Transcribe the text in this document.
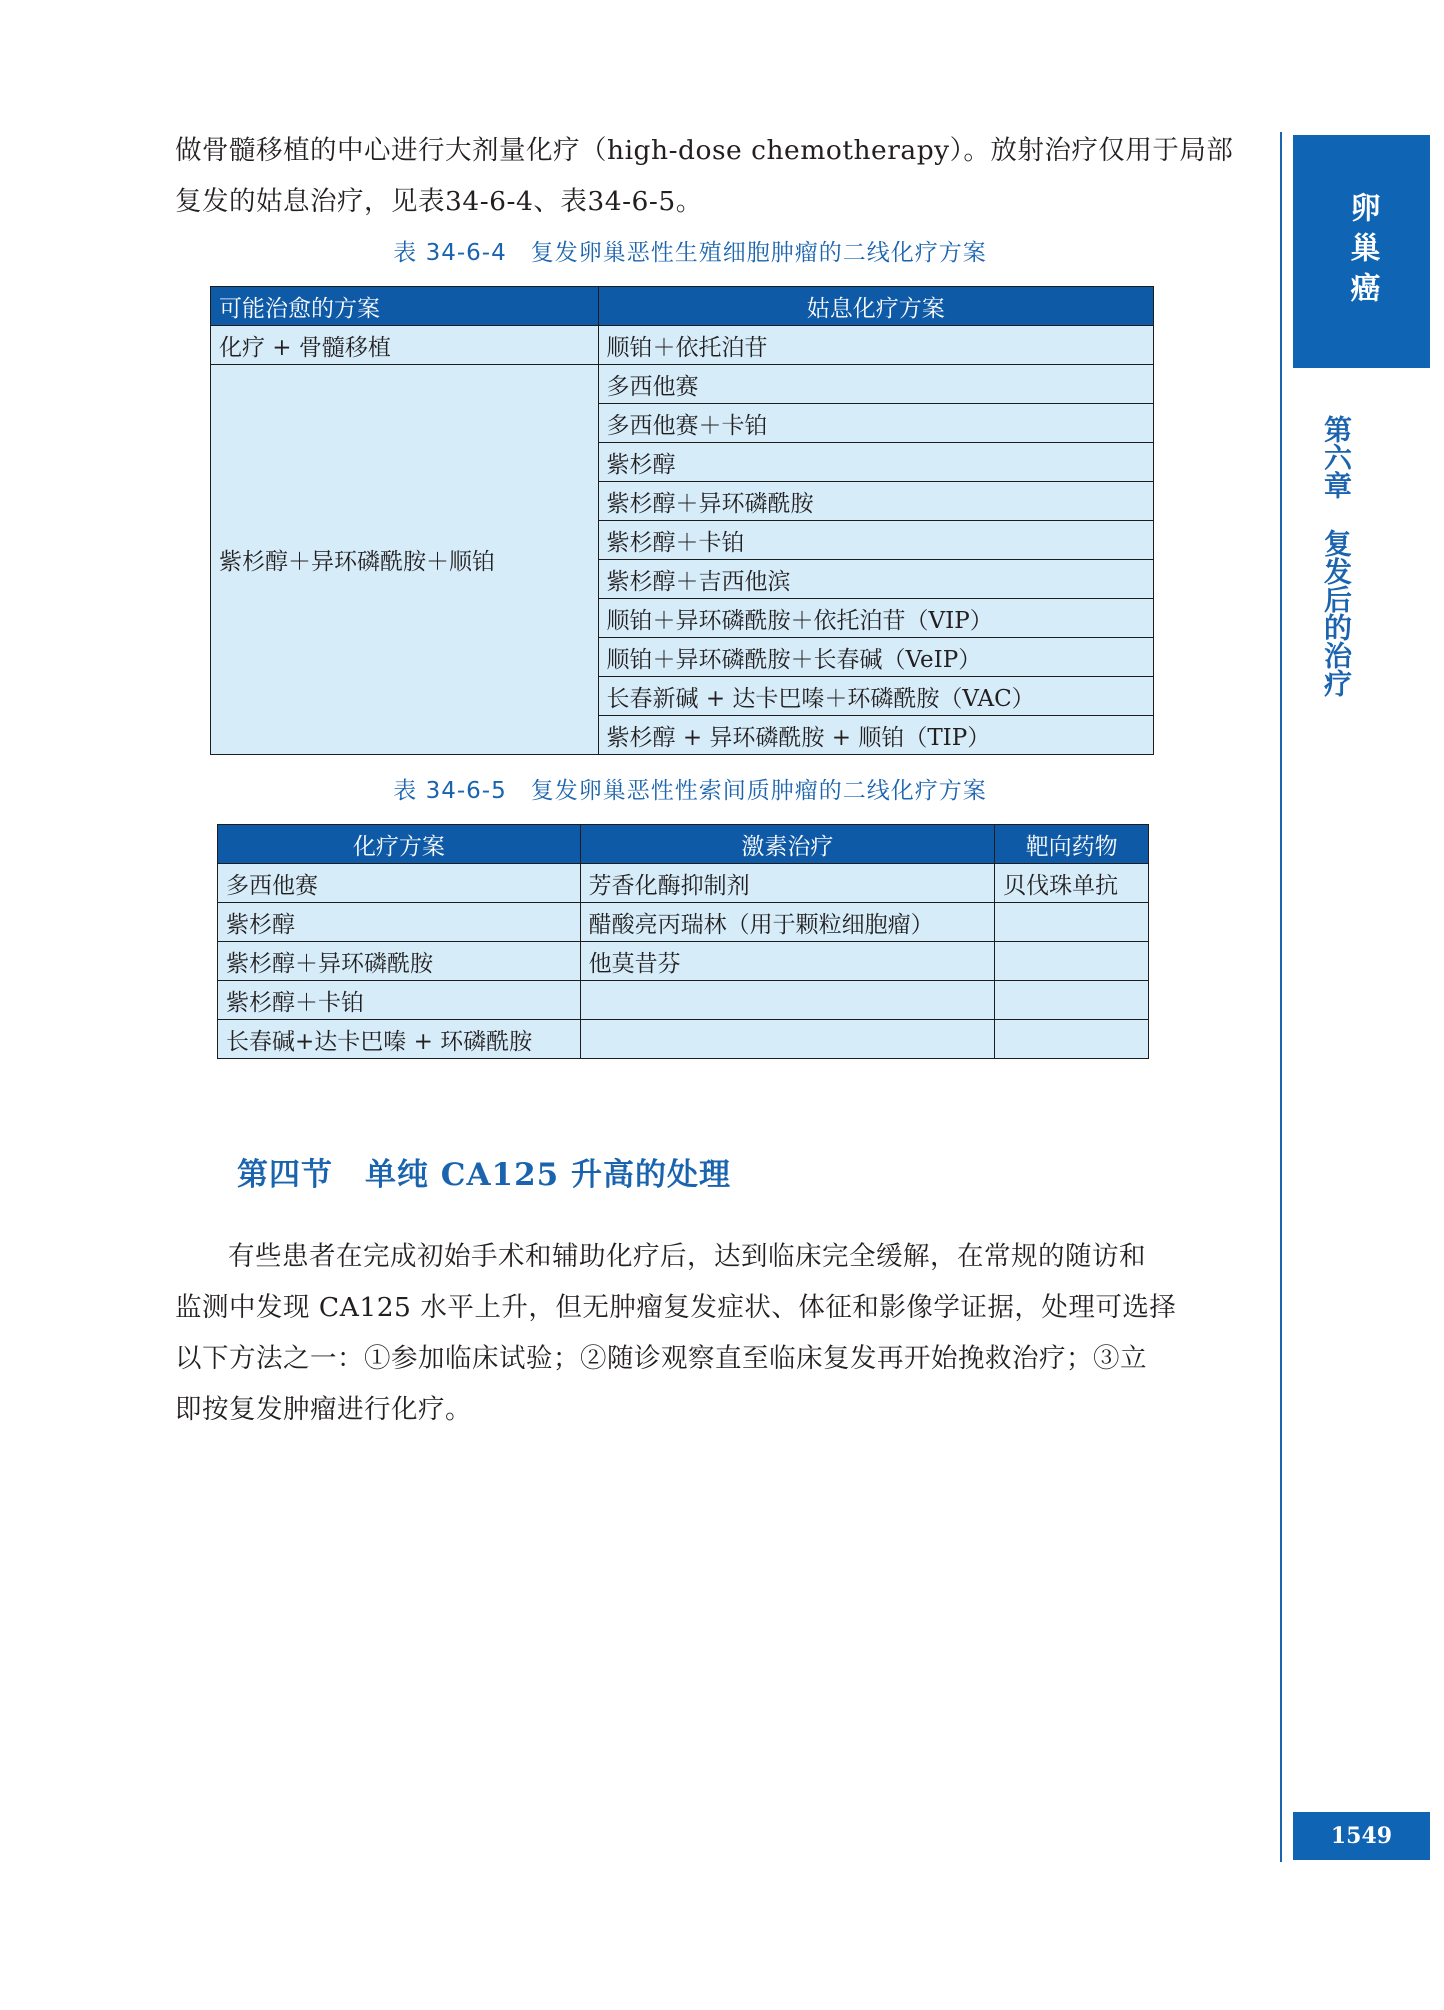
做骨髓移植的中心进行大剂量化疗（high-dose chemotherapy）。放射治疗仅用于局部
复发的姑息治疗，见表34-6-4、表34-6-5。

表 34-6-4　复发卵巢恶性生殖细胞肿瘤的二线化疗方案

可能治愈的方案	姑息化疗方案
化疗 + 骨髓移植	顺铂＋依托泊苷
紫杉醇＋异环磷酰胺＋顺铂	多西他赛
	多西他赛＋卡铂
	紫杉醇
	紫杉醇＋异环磷酰胺
	紫杉醇＋卡铂
	紫杉醇＋吉西他滨
	顺铂＋异环磷酰胺＋依托泊苷（VIP）
	顺铂＋异环磷酰胺＋长春碱（VeIP）
	长春新碱 + 达卡巴嗪＋环磷酰胺（VAC）
	紫杉醇 + 异环磷酰胺 + 顺铂（TIP）

表 34-6-5　复发卵巢恶性性索间质肿瘤的二线化疗方案

化疗方案	激素治疗	靶向药物
多西他赛	芳香化酶抑制剂	贝伐珠单抗
紫杉醇	醋酸亮丙瑞林（用于颗粒细胞瘤）	
紫杉醇＋异环磷酰胺	他莫昔芬	
紫杉醇＋卡铂		
长春碱+达卡巴嗪 + 环磷酰胺		
第四节　单纯 CA125 升高的处理
有些患者在完成初始手术和辅助化疗后，达到临床完全缓解，在常规的随访和
监测中发现 CA125 水平上升，但无肿瘤复发症状、体征和影像学证据，处理可选择
以下方法之一：①参加临床试验；②随诊观察直至临床复发再开始挽救治疗；③立
即按复发肿瘤进行化疗。
卵巢癌
第六章复发后的治疗
1549
